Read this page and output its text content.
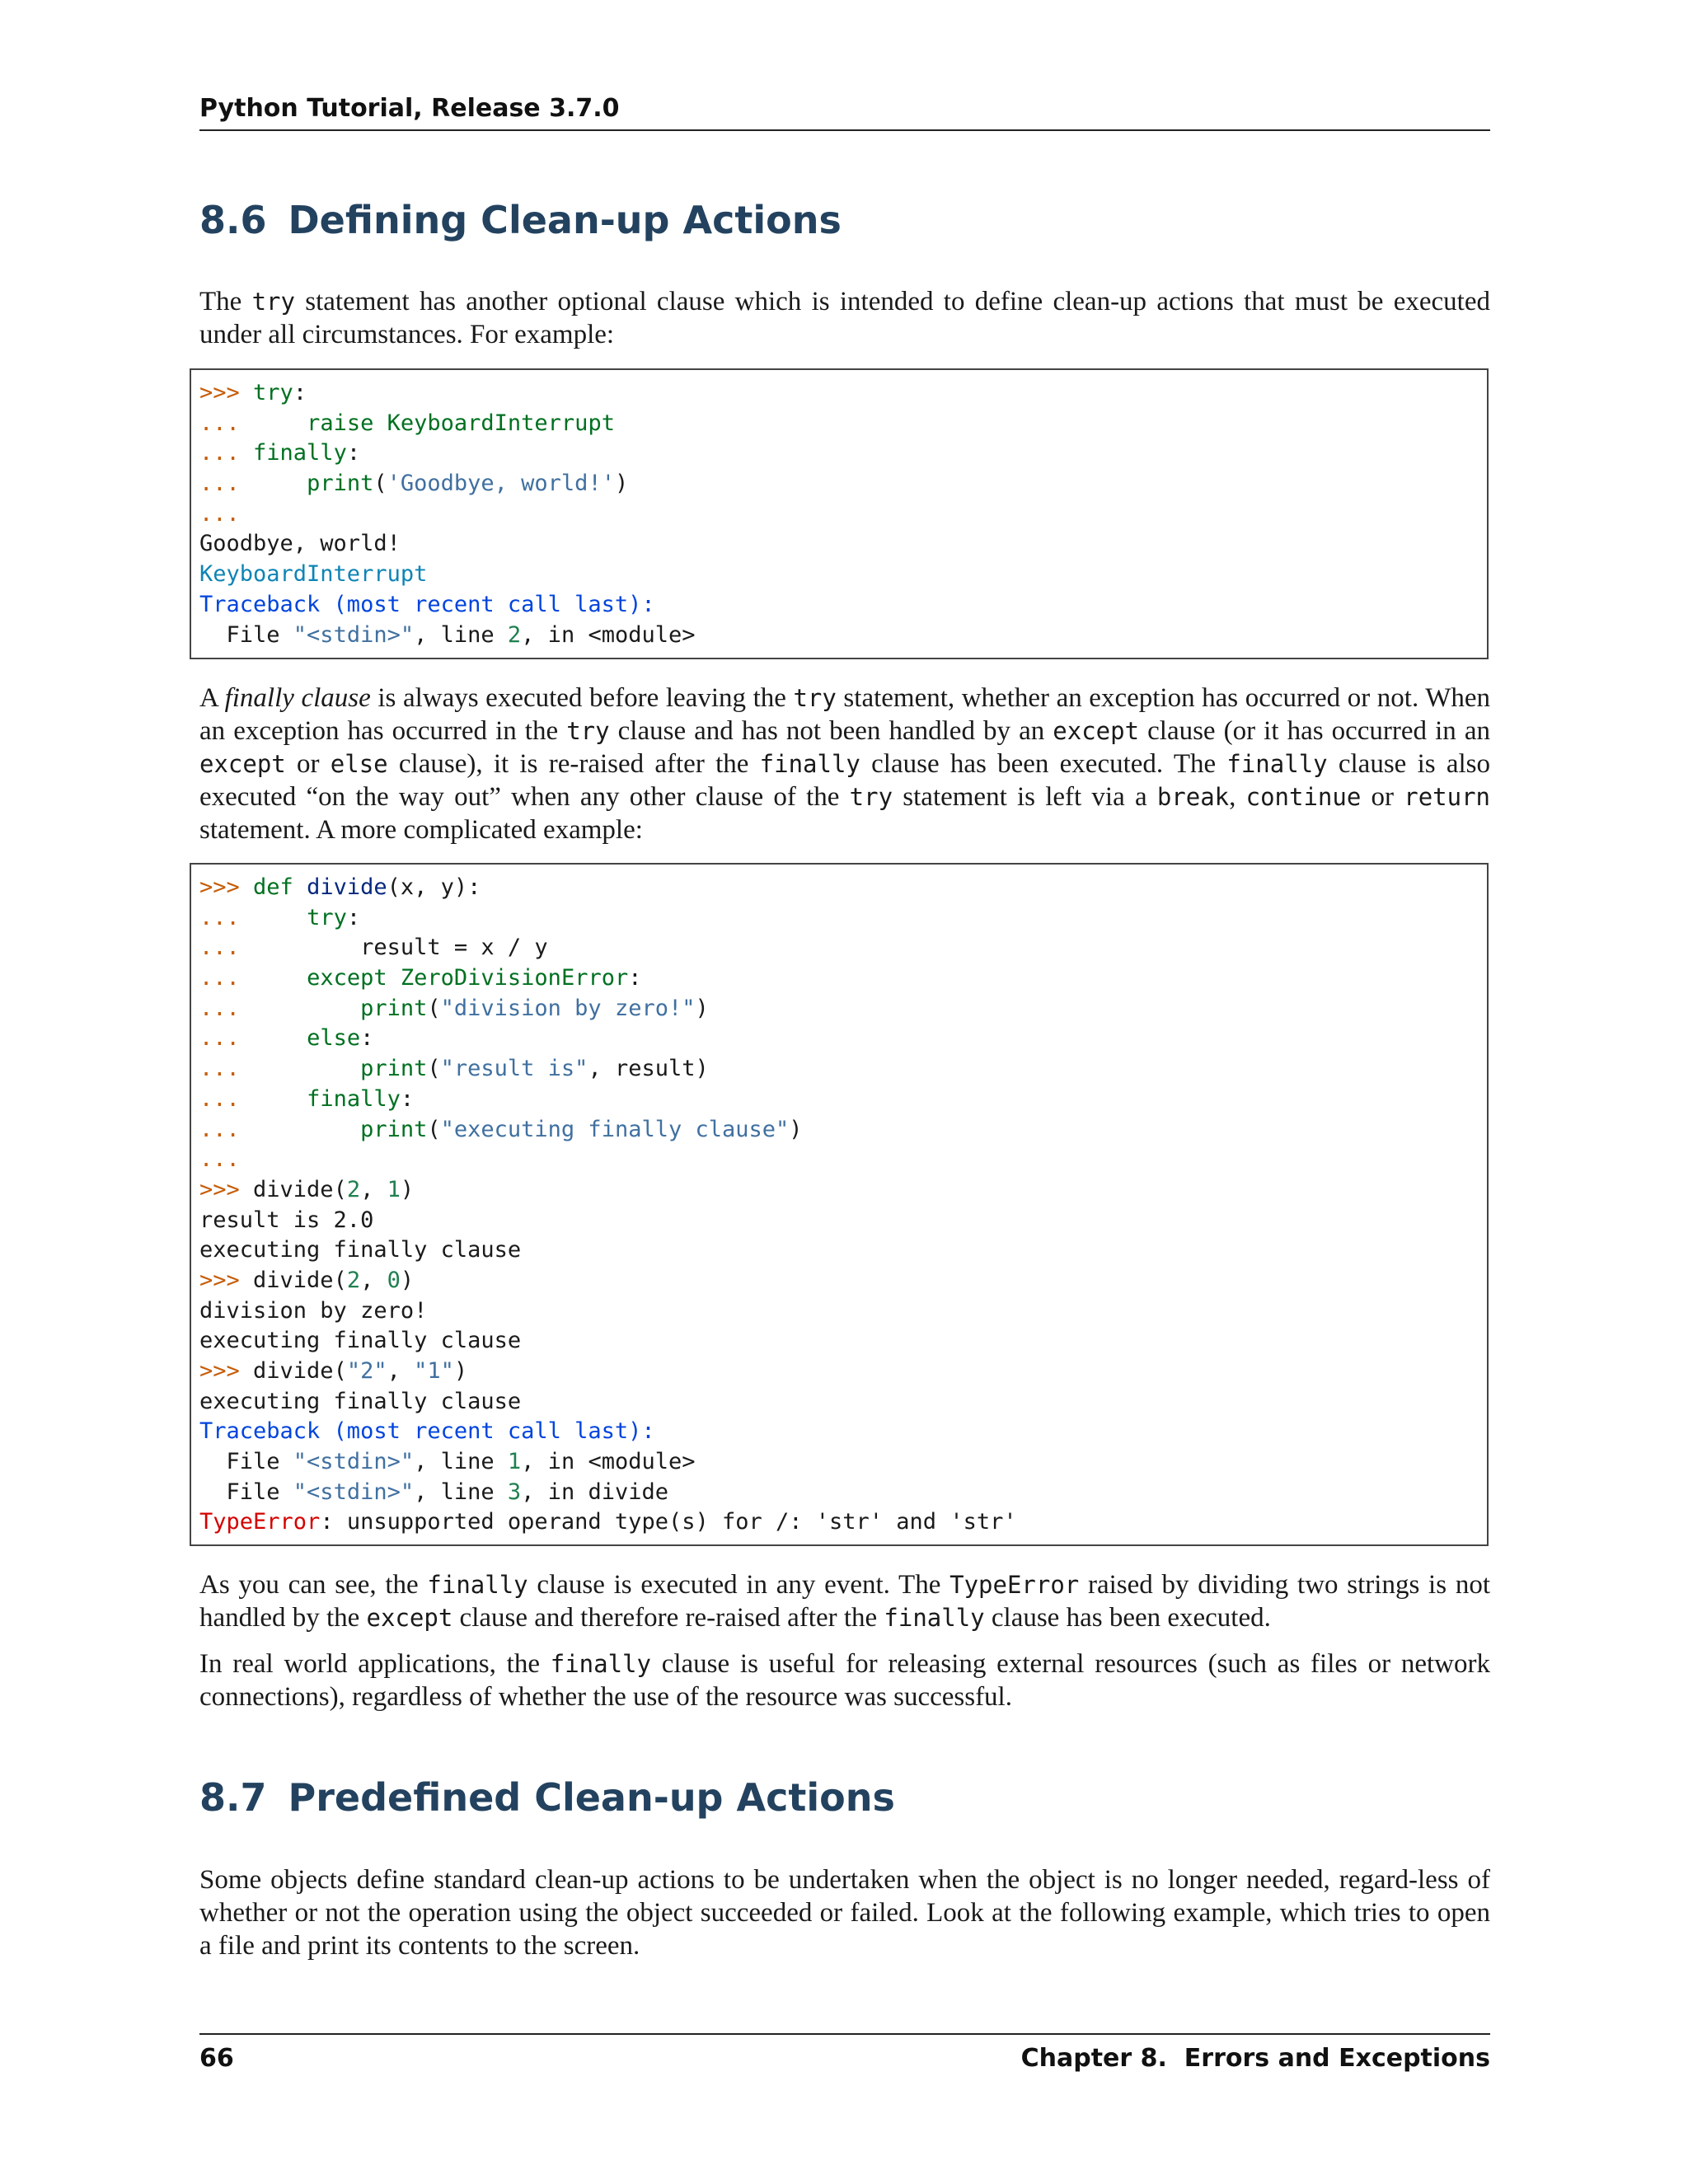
Python Tutorial, Release 3.7.0
8.6 Defining Clean-up Actions
The try statement has another optional clause which is intended to define clean-up actions that must be executed under all circumstances. For example:
>>> try:
...     raise KeyboardInterrupt
... finally:
...     print('Goodbye, world!')
...
Goodbye, world!
KeyboardInterrupt
Traceback (most recent call last):
File "<stdin>", line 2, in <module>
A finally clause is always executed before leaving the try statement, whether an exception has occurred or not. When an exception has occurred in the try clause and has not been handled by an except clause (or it has occurred in an except or else clause), it is re-raised after the finally clause has been executed. The finally clause is also executed “on the way out” when any other clause of the try statement is left via a break, continue or return statement. A more complicated example:
>>> def divide(x, y):
...     try:
...         result = x / y
...     except ZeroDivisionError:
...	print("division by zero!")
...     else:
...	print("result is", result)
...     finally:
...	print("executing finally clause")
...
>>> divide(2, 1)
result is 2.0
executing finally clause
>>> divide(2, 0)
division by zero!
executing finally clause
>>> divide("2", "1")
executing finally clause
Traceback (most recent call last):
File "<stdin>", line 1, in <module>
File "<stdin>", line 3, in divide
TypeError: unsupported operand type(s) for /: 'str' and 'str'
As you can see, the finally clause is executed in any event. The TypeError raised by dividing two strings is not handled by the except clause and therefore re-raised after the finally clause has been executed.
In real world applications, the finally clause is useful for releasing external resources (such as files or network connections), regardless of whether the use of the resource was successful.
8.7 Predefined Clean-up Actions
Some objects define standard clean-up actions to be undertaken when the object is no longer needed, regard-less of whether or not the operation using the object succeeded or failed. Look at the following example, which tries to open a file and print its contents to the screen.
66	Chapter 8.  Errors and Exceptions
